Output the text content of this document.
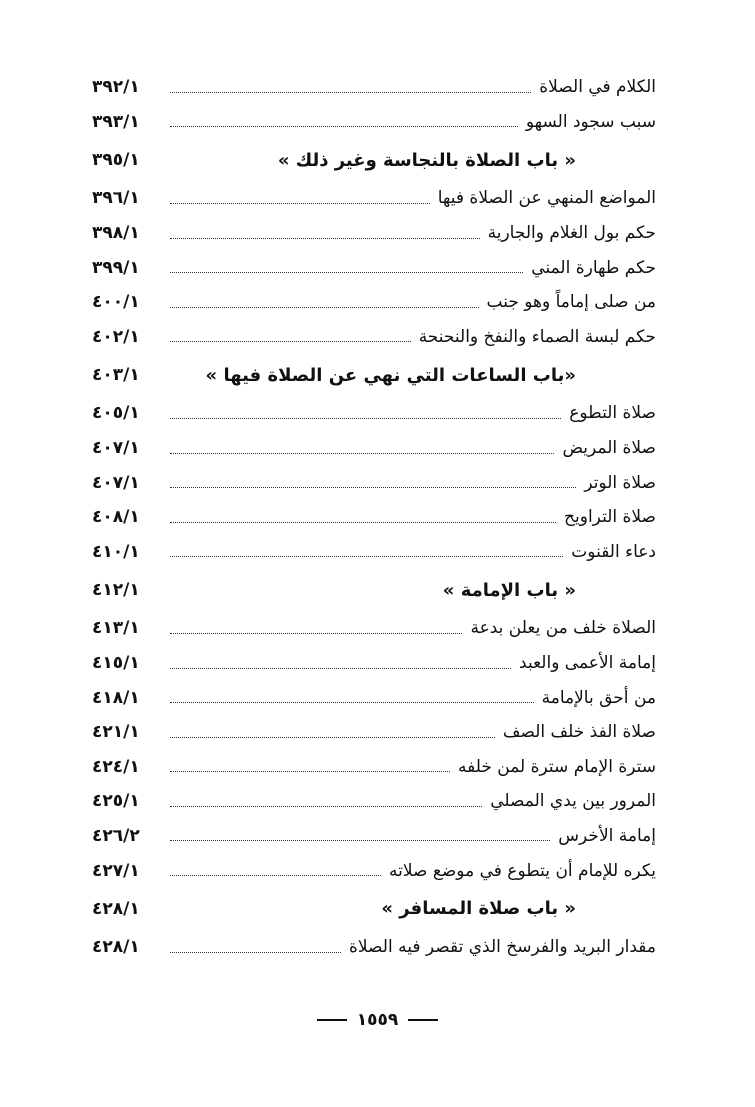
الكلام في الصلاة
٣٩٢/١
سبب سجود السهو
٣٩٣/١
« باب الصلاة بالنجاسة وغير ذلك »
٣٩٥/١
المواضع المنهي عن الصلاة فيها
٣٩٦/١
حكم بول الغلام والجارية
٣٩٨/١
حكم طهارة المني
٣٩٩/١
من صلى إماماً وهو جنب
٤٠٠/١
حكم لبسة الصماء والنفخ والنحنحة
٤٠٢/١
«باب الساعات التي نهي عن الصلاة فيها »
٤٠٣/١
صلاة التطوع
٤٠٥/١
صلاة المريض
٤٠٧/١
صلاة الوتر
٤٠٧/١
صلاة التراويح
٤٠٨/١
دعاء القنوت
٤١٠/١
« باب الإمامة »
٤١٢/١
الصلاة خلف من يعلن بدعة
٤١٣/١
إمامة الأعمى والعبد
٤١٥/١
من أحق بالإمامة
٤١٨/١
صلاة الفذ خلف الصف
٤٢١/١
سترة الإمام سترة لمن خلفه
٤٢٤/١
المرور بين يدي المصلي
٤٢٥/١
إمامة الأخرس
٤٢٦/٢
يكره للإمام أن يتطوع في موضع صلاته
٤٢٧/١
« باب صلاة المسافر »
٤٢٨/١
مقدار البريد والفرسخ الذي تقصر فيه الصلاة
٤٢٨/١
١٥٥٩
